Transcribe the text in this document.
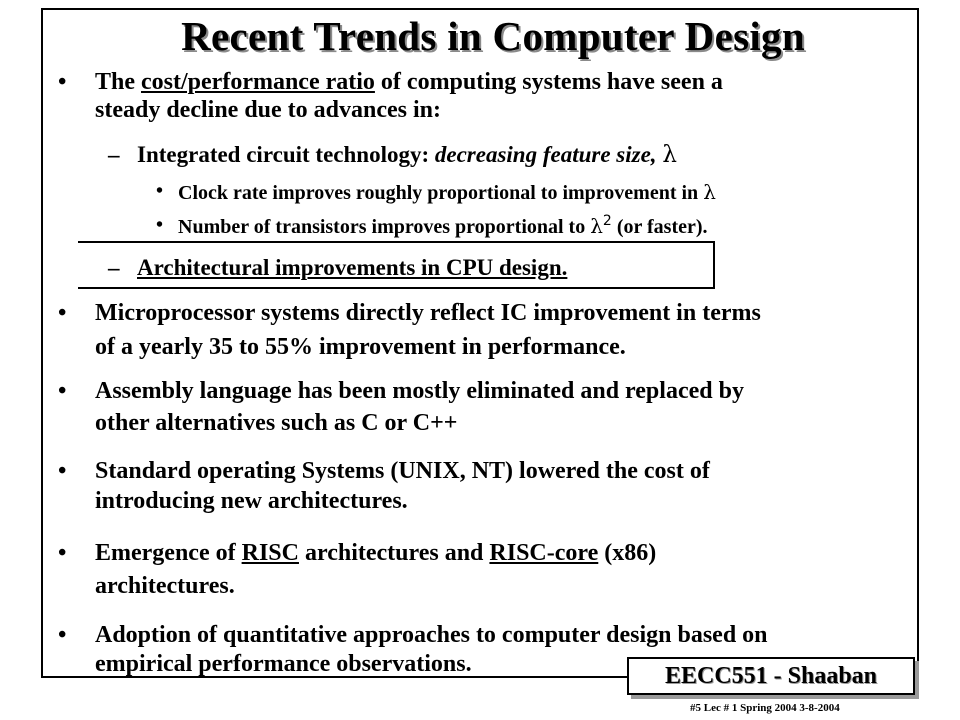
Recent Trends in Computer Design
• The cost/performance ratio of computing systems have seen a
steady decline due to advances in:
– Integrated circuit technology: decreasing feature size, λ
• Clock rate improves roughly proportional to improvement in λ
• Number of transistors improves proportional to $\lambda^2$ (or faster).
– Architectural improvements in CPU design.
• Microprocessor systems directly reflect IC improvement in terms
of a yearly 35 to 55% improvement in performance.
• Assembly language has been mostly eliminated and replaced by
other alternatives such as C or C++
• Standard operating Systems (UNIX, NT) lowered the cost of
introducing new architectures.
• Emergence of RISC architectures and RISC-core (x86)
architectures.
• Adoption of quantitative approaches to computer design based on
empirical performance observations.	EECC551 - Shaaban
#5 Lec # 1 Spring 2004 3-8-2004
